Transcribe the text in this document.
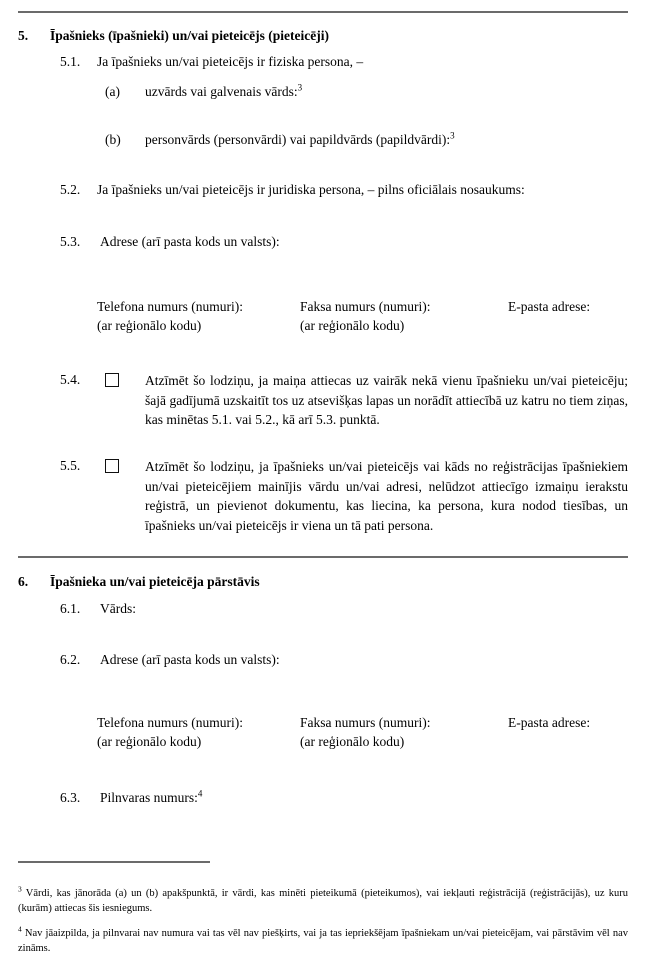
5. Īpašnieks (īpašnieki) un/vai pieteicējs (pieteicēji)
5.1. Ja īpašnieks un/vai pieteicējs ir fiziska persona, –
(a) uzvārds vai galvenais vārds:$^3$
(b) personvārds (personvārdi) vai papildvārds (papildvārdi):$^3$
5.2. Ja īpašnieks un/vai pieteicējs ir juridiska persona, – pilns oficiālais nosaukums:
5.3. Adrese (arī pasta kods un valsts):
Telefona numurs (numuri):
(ar reģionālo kodu)
Faksa numurs (numuri):
(ar reģionālo kodu)
E-pasta adrese:
5.4.	Atzīmēt šo lodziņu, ja maiņa attiecas uz vairāk nekā vienu īpašnieku un/vai pieteicēju; šajā gadījumā uzskaitīt tos uz atsevišķas lapas un norādīt attiecībā uz katru no tiem ziņas, kas minētas 5.1. vai 5.2., kā arī 5.3. punktā.
5.5.	Atzīmēt šo lodziņu, ja īpašnieks un/vai pieteicējs vai kāds no reģistrācijas īpašniekiem un/vai pieteicējiem mainījis vārdu un/vai adresi, nelūdzot attiecīgo izmaiņu ierakstu reģistrā, un pievienot dokumentu, kas liecina, ka persona, kura nodod tiesības, un īpašnieks un/vai pieteicējs ir viena un tā pati persona.
6. Īpašnieka un/vai pieteicēja pārstāvis
6.1. Vārds:
6.2. Adrese (arī pasta kods un valsts):
Telefona numurs (numuri):
(ar reģionālo kodu)
Faksa numurs (numuri):
(ar reģionālo kodu)
E-pasta adrese:
6.3. Pilnvaras numurs:$^4$
$^3$ Vārdi, kas jānorāda (a) un (b) apakšpunktā, ir vārdi, kas minēti pieteikumā (pieteikumos), vai iekļauti reģistrācijā (reģistrācijās), uz kuru (kurām) attiecas šis iesniegums.
$^4$ Nav jāaizpilda, ja pilnvarai nav numura vai tas vēl nav piešķirts, vai ja tas iepriekšējam īpašniekam un/vai pieteicējam, vai pārstāvim vēl nav zināms.
